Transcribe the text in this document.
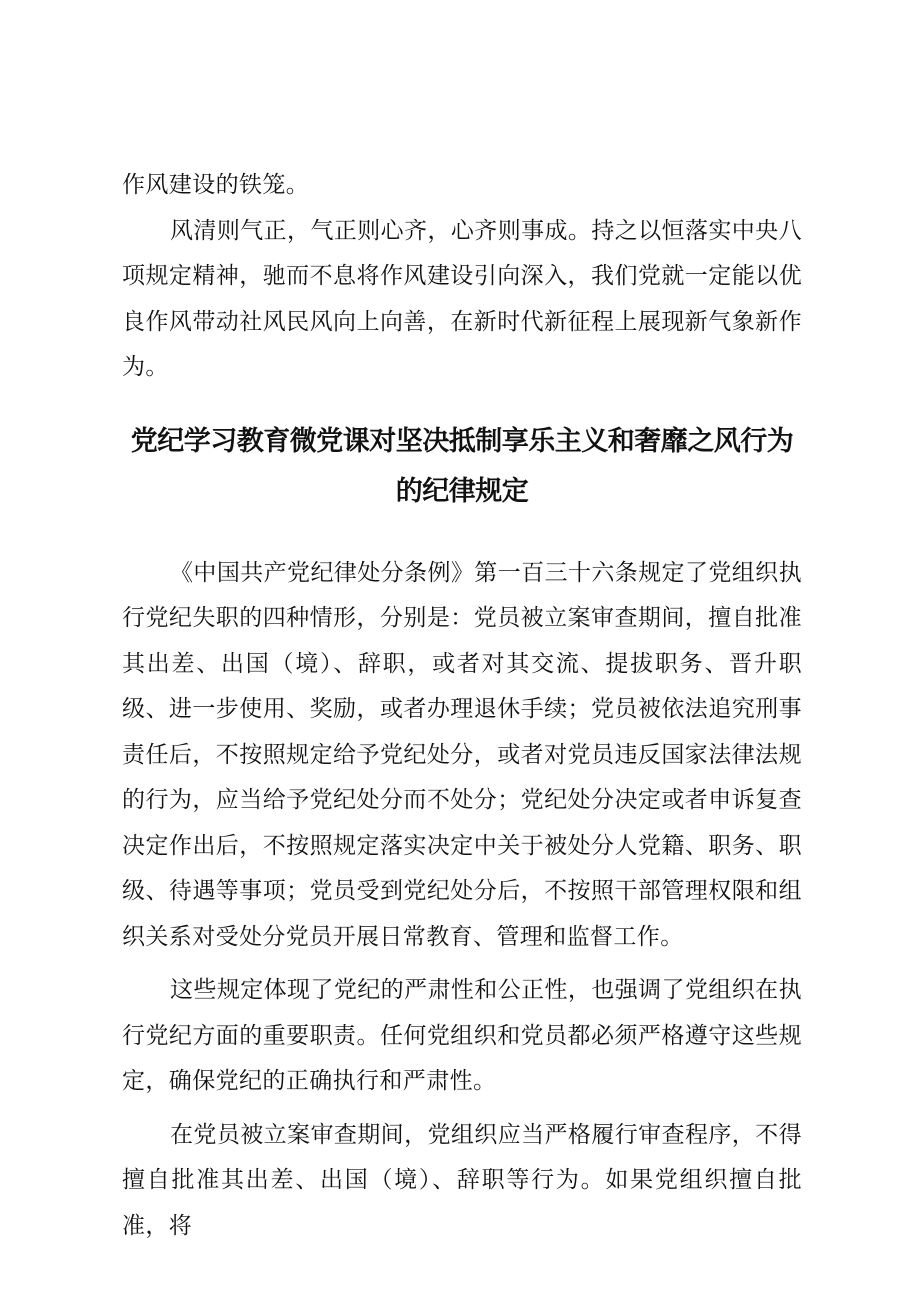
作风建设的铁笼。

风清则气正，气正则心齐，心齐则事成。持之以恒落实中央八项规定精神，驰而不息将作风建设引向深入，我们党就一定能以优良作风带动社风民风向上向善，在新时代新征程上展现新气象新作为。

党纪学习教育微党课对坚决抵制享乐主义和奢靡之风行为的纪律规定

《中国共产党纪律处分条例》第一百三十六条规定了党组织执行党纪失职的四种情形，分别是：党员被立案审查期间，擅自批准其出差、出国（境）、辞职，或者对其交流、提拔职务、晋升职级、进一步使用、奖励，或者办理退休手续；党员被依法追究刑事责任后，不按照规定给予党纪处分，或者对党员违反国家法律法规的行为，应当给予党纪处分而不处分；党纪处分决定或者申诉复查决定作出后，不按照规定落实决定中关于被处分人党籍、职务、职级、待遇等事项；党员受到党纪处分后，不按照干部管理权限和组织关系对受处分党员开展日常教育、管理和监督工作。

这些规定体现了党纪的严肃性和公正性，也强调了党组织在执行党纪方面的重要职责。任何党组织和党员都必须严格遵守这些规定，确保党纪的正确执行和严肃性。

在党员被立案审查期间，党组织应当严格履行审查程序，不得擅自批准其出差、出国（境）、辞职等行为。如果党组织擅自批准，将
